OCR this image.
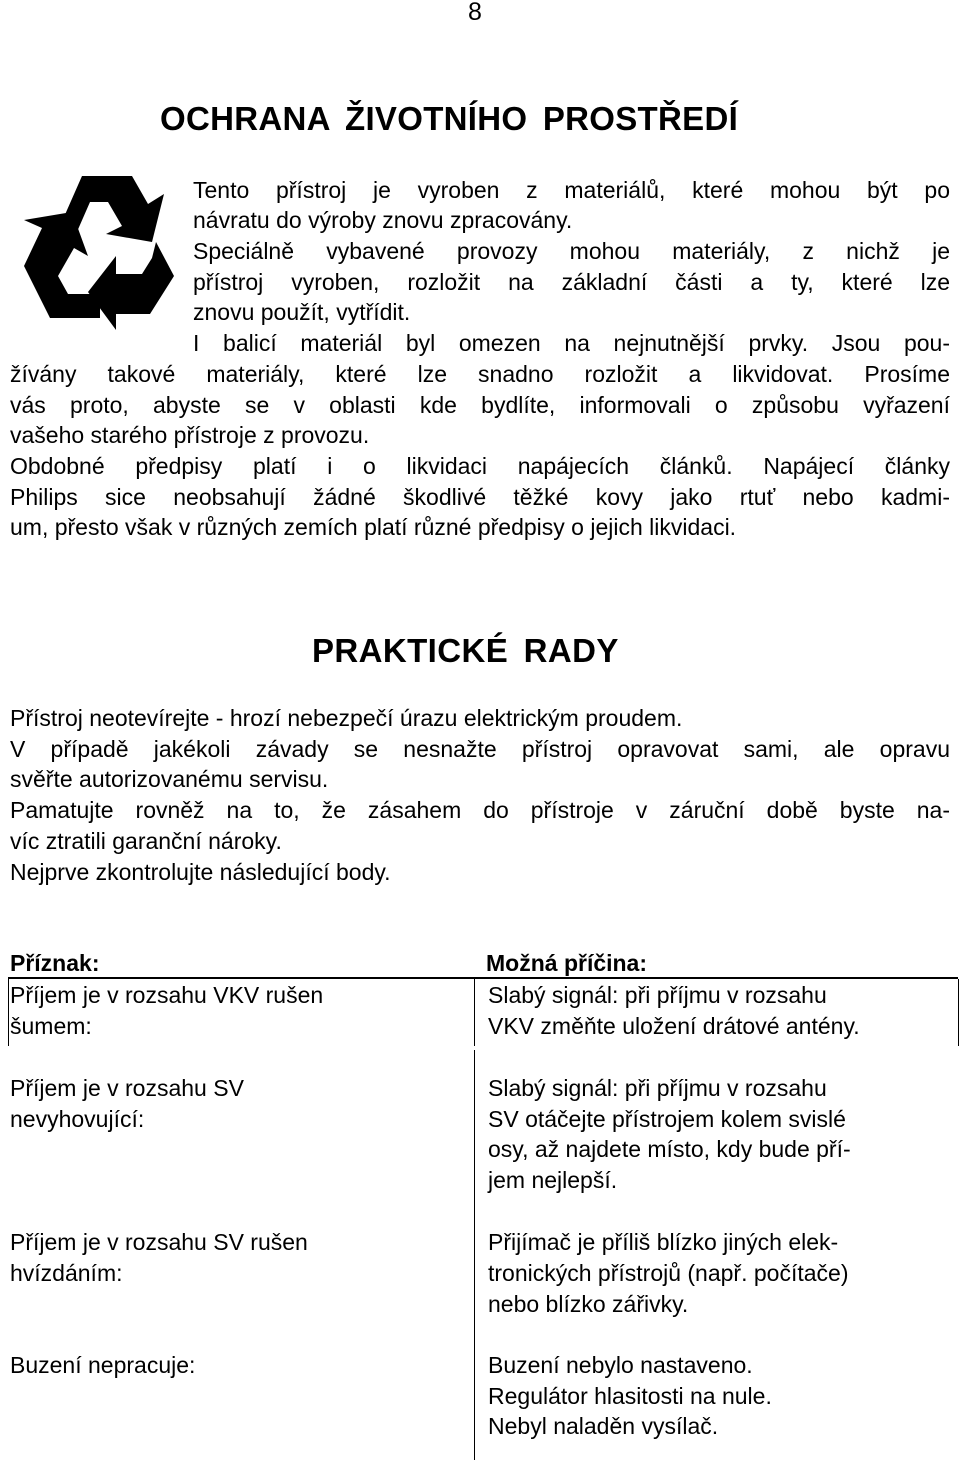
8
OCHRANA ŽIVOTNÍHO PROSTŘEDÍ
Tento přístroj je vyroben z materiálů, které mohou být po
návratu do výroby znovu zpracovány.
Speciálně vybavené provozy mohou materiály, z nichž je
přístroj vyroben, rozložit na základní části a ty, které lze
znovu použít, vytřídit.
I balicí materiál byl omezen na nejnutnější prvky. Jsou pou-
žívány takové materiály, které lze snadno rozložit a likvidovat. Prosíme
vás proto, abyste se v oblasti kde bydlíte, informovali o způsobu vyřazení
vašeho starého přístroje z provozu.
Obdobné předpisy platí i o likvidaci napájecích článků. Napájecí články
Philips sice neobsahují žádné škodlivé těžké kovy jako rtuť nebo kadmi-
um, přesto však v různých zemích platí různé předpisy o jejich likvidaci.
PRAKTICKÉ RADY
Přístroj neotevírejte - hrozí nebezpečí úrazu elektrickým proudem.
V případě jakékoli závady se nesnažte přístroj opravovat sami, ale opravu
svěřte autorizovanému servisu.
Pamatujte rovněž na to, že zásahem do přístroje v záruční době byste na-
víc ztratili garanční nároky.
Nejprve zkontrolujte následující body.
Příznak:	Možná příčina:
Příjem je v rozsahu VKV rušen
šumem:
Slabý signál: při příjmu v rozsahu
VKV změňte uložení drátové antény.
Příjem je v rozsahu SV
nevyhovující:
Slabý signál: při příjmu v rozsahu
SV otáčejte přístrojem kolem svislé
osy, až najdete místo, kdy bude pří-
jem nejlepší.
Příjem je v rozsahu SV rušen
hvízdáním:
Přijímač je příliš blízko jiných elek-
tronických přístrojů (např. počítače)
nebo blízko zářivky.
Buzení nepracuje:	Buzení nebylo nastaveno.
Regulátor hlasitosti na nule.
Nebyl naladěn vysílač.
